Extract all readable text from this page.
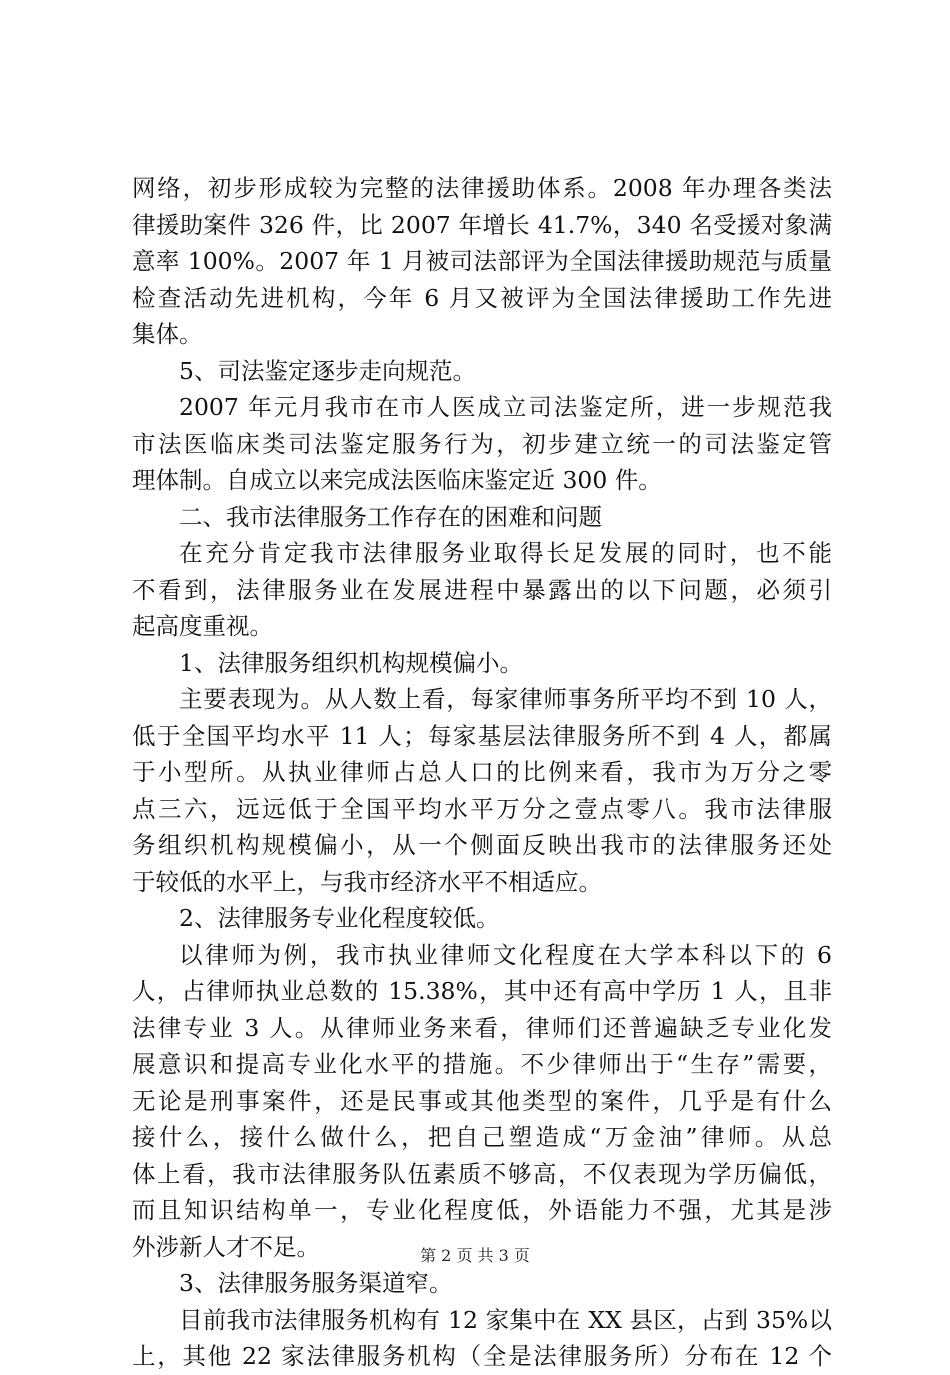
网络，初步形成较为完整的法律援助体系。2008 年办理各类法
律援助案件 326 件，比 2007 年增长 41.7%，340 名受援对象满
意率 100%。2007 年 1 月被司法部评为全国法律援助规范与质量
检查活动先进机构，今年 6 月又被评为全国法律援助工作先进
集体。
5、司法鉴定逐步走向规范。
2007 年元月我市在市人医成立司法鉴定所，进一步规范我
市法医临床类司法鉴定服务行为，初步建立统一的司法鉴定管
理体制。自成立以来完成法医临床鉴定近 300 件。
二、我市法律服务工作存在的困难和问题
在充分肯定我市法律服务业取得长足发展的同时，也不能
不看到，法律服务业在发展进程中暴露出的以下问题，必须引
起高度重视。
1、法律服务组织机构规模偏小。
主要表现为。从人数上看，每家律师事务所平均不到 10 人，
低于全国平均水平 11 人；每家基层法律服务所不到 4 人，都属
于小型所。从执业律师占总人口的比例来看，我市为万分之零
点三六，远远低于全国平均水平万分之壹点零八。我市法律服
务组织机构规模偏小，从一个侧面反映出我市的法律服务还处
于较低的水平上，与我市经济水平不相适应。
2、法律服务专业化程度较低。
以律师为例，我市执业律师文化程度在大学本科以下的 6
人，占律师执业总数的 15.38%，其中还有高中学历 1 人，且非
法律专业 3 人。从律师业务来看，律师们还普遍缺乏专业化发
展意识和提高专业化水平的措施。不少律师出于“生存”需要，
无论是刑事案件，还是民事或其他类型的案件，几乎是有什么
接什么，接什么做什么，把自己塑造成“万金油”律师。从总
体上看，我市法律服务队伍素质不够高，不仅表现为学历偏低，
而且知识结构单一，专业化程度低，外语能力不强，尤其是涉
外涉新人才不足。
3、法律服务服务渠道窄。
目前我市法律服务机构有 12 家集中在 XX 县区，占到 35%以
上，其他 22 家法律服务机构（全是法律服务所）分布在 12 个
第 2 页 共 3 页
